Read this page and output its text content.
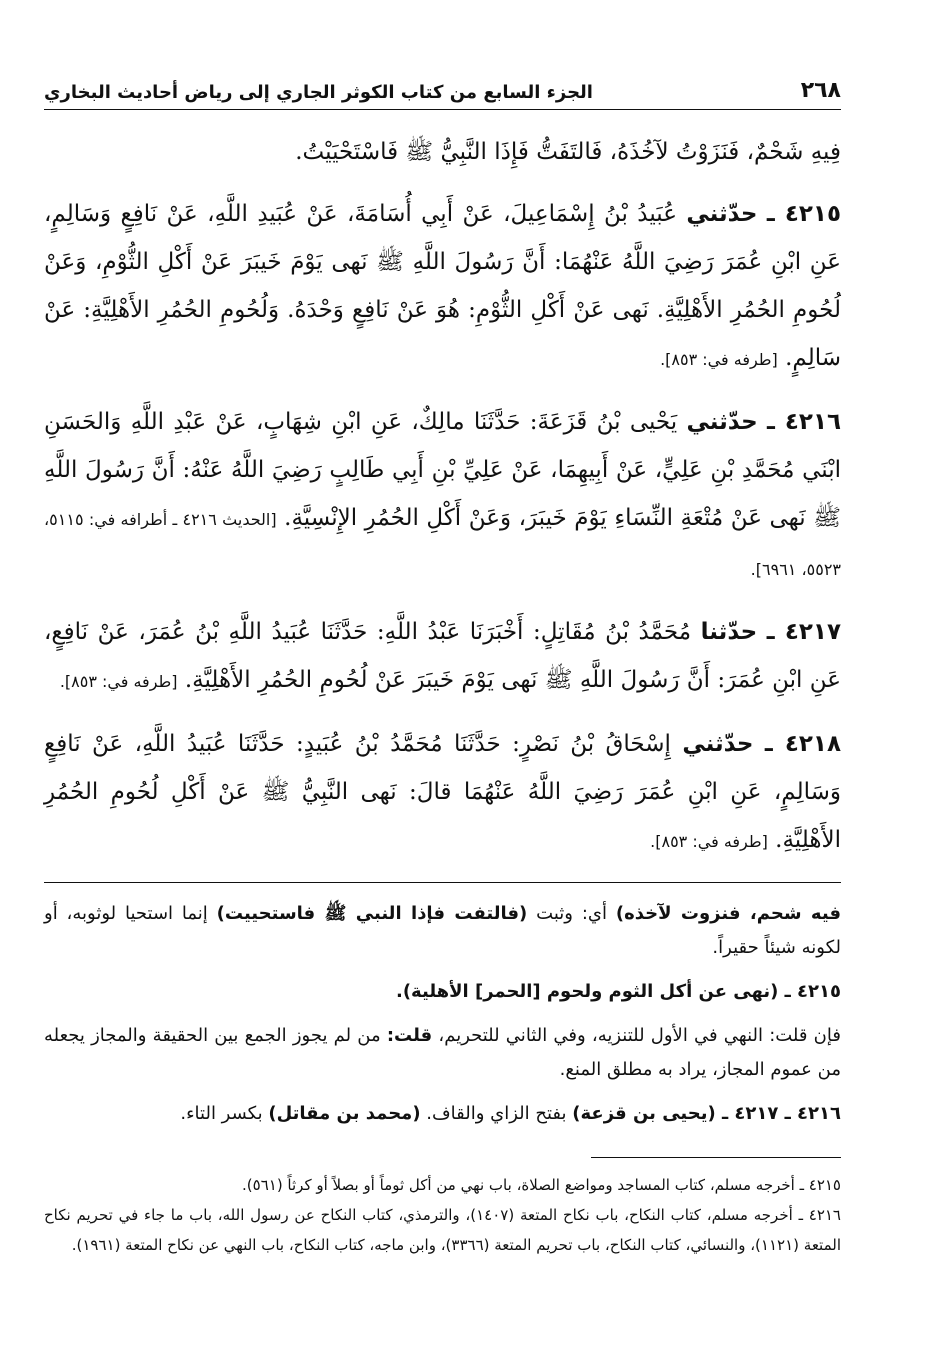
٢٦٨
الجزء السابع من كتاب الكوثر الجاري إلى رياض أحاديث البخاري

فِيهِ شَحْمٌ، فَنَزَوْتُ لآخُذَهُ، فَالتَفَتُّ فَإِذَا النَّبِيُّ ﷺ فَاسْتَحْيَيْتُ.

٤٢١٥ ـ حدّثني عُبَيدُ بْنُ إِسْمَاعِيلَ، عَنْ أَبِي أُسَامَةَ، عَنْ عُبَيدِ اللَّهِ، عَنْ نَافِعٍ وَسَالِمٍ، عَنِ ابْنِ عُمَرَ رَضِيَ اللَّهُ عَنْهُمَا: أَنَّ رَسُولَ اللَّهِ ﷺ نَهى يَوْمَ خَيبَرَ عَنْ أَكْلِ الثُّوْمِ، وَعَنْ لُحُومِ الحُمُرِ الأَهْلِيَّةِ. نَهى عَنْ أَكْلِ الثُّوْمِ: هُوَ عَنْ نَافِعٍ وَحْدَهُ. وَلُحُومِ الحُمُرِ الأَهْلِيَّةِ: عَنْ سَالِمٍ. [طرفه في: ٨٥٣].

٤٢١٦ ـ حدّثني يَحْيى بْنُ قَزَعَةَ: حَدَّثَنَا مالِكٌ، عَنِ ابْنِ شِهَابٍ، عَنْ عَبْدِ اللَّهِ وَالحَسَنِ ابْنَي مُحَمَّدِ بْنِ عَلِيٍّ، عَنْ أَبِيهِمَا، عَنْ عَلِيِّ بْنِ أَبِي طَالِبٍ رَضِيَ اللَّهُ عَنْهُ: أَنَّ رَسُولَ اللَّهِ ﷺ نَهى عَنْ مُتْعَةِ النِّسَاءِ يَوْمَ خَيبَرَ، وَعَنْ أَكْلِ الحُمُرِ الإِنْسِيَّةِ. [الحديث ٤٢١٦ ـ أطرافه في: ٥١١٥، ٥٥٢٣، ٦٩٦١].

٤٢١٧ ـ حدّثنا مُحَمَّدُ بْنُ مُقَاتِلٍ: أَخْبَرَنَا عَبْدُ اللَّهِ: حَدَّثَنَا عُبَيدُ اللَّهِ بْنُ عُمَرَ، عَنْ نَافِعٍ، عَنِ ابْنِ عُمَرَ: أَنَّ رَسُولَ اللَّهِ ﷺ نَهى يَوْمَ خَيبَرَ عَنْ لُحُومِ الحُمُرِ الأَهْلِيَّةِ. [طرفه في: ٨٥٣].

٤٢١٨ ـ حدّثني إِسْحَاقُ بْنُ نَصْرٍ: حَدَّثَنَا مُحَمَّدُ بْنُ عُبَيدٍ: حَدَّثَنَا عُبَيدُ اللَّهِ، عَنْ نَافِعٍ وَسَالِمٍ، عَنِ ابْنِ عُمَرَ رَضِيَ اللَّهُ عَنْهُمَا قالَ: نَهى النَّبِيُّ ﷺ عَنْ أَكْلِ لُحُومِ الحُمُرِ الأَهْلِيَّةِ. [طرفه في: ٨٥٣].

فيه شحم، فنزوت لآخذه) أي: وثبت (فالتفت فإذا النبي ﷺ فاستحييت) إنما استحيا لوثوبه، أو لكونه شيئاً حقيراً.

٤٢١٥ ـ (نهى عن أكل الثوم ولحوم [الحمر] الأهلية).

فإن قلت: النهي في الأول للتنزيه، وفي الثاني للتحريم، قلت: من لم يجوز الجمع بين الحقيقة والمجاز يجعله من عموم المجاز، يراد به مطلق المنع.

٤٢١٦ ـ ٤٢١٧ ـ (يحيى بن قزعة) بفتح الزاي والقاف. (محمد بن مقاتل) بكسر التاء.

٤٢١٥ ـ أخرجه مسلم، كتاب المساجد ومواضع الصلاة، باب نهي من أكل ثوماً أو بصلاً أو كرثاً (٥٦١).

٤٢١٦ ـ أخرجه مسلم، كتاب النكاح، باب نكاح المتعة (١٤٠٧)، والترمذي، كتاب النكاح عن رسول الله، باب ما جاء في تحريم نكاح المتعة (١١٢١)، والنسائي، كتاب النكاح، باب تحريم المتعة (٣٣٦٦)، وابن ماجه، كتاب النكاح، باب النهي عن نكاح المتعة (١٩٦١).
